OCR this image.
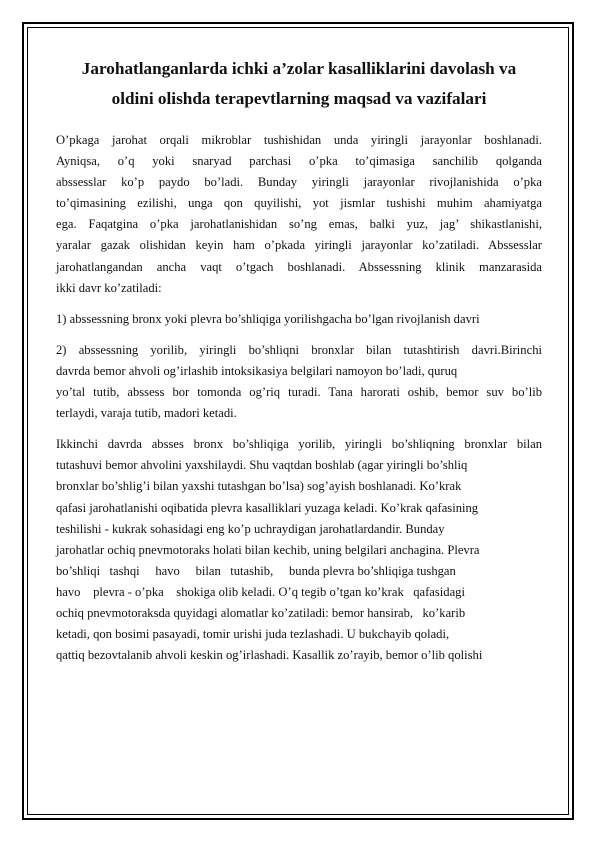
Jarohatlanganlarda ichki a’zolar kasalliklarini davolash va
oldini olishda terapevtlarning maqsad va vazifalari
O’pkaga jarohat orqali mikroblar tushishidan unda yiringli jarayonlar boshlanadi.
Ayniqsa, o’q yoki snaryad parchasi o’pka to’qimasiga sanchilib qolganda
abssesslar ko’p paydo bo’ladi. Bunday yiringli jarayonlar rivojlanishida o’pka
to’qimasining ezilishi, unga qon quyilishi, yot jismlar tushishi muhim ahamiyatga
ega. Faqatgina o’pka jarohatlanishidan so’ng emas, balki yuz, jag’ shikastlanishi,
yaralar gazak olishidan keyin ham o’pkada yiringli jarayonlar ko’zatiladi. Abssesslar
jarohatlangandan ancha vaqt o’tgach boshlanadi. Abssessning klinik manzarasida
ikki davr ko’zatiladi:
1) abssessning bronx yoki plevra bo’shliqiga yorilishgacha bo’lgan rivojlanish davri
2) abssessning yorilib, yiringli bo’shliqni bronxlar bilan tutashtirish davri.Birinchi
davrda bemor ahvoli og’irlashib intoksikasiya belgilari namoyon bo’ladi, quruq
yo’tal tutib, abssess bor tomonda og’riq turadi. Tana harorati oshib, bemor suv bo’lib
terlaydi, varaja tutib, madori ketadi.
Ikkinchi davrda absses bronx bo’shliqiga yorilib, yiringli bo’shliqning bronxlar bilan
tutashuvi bemor ahvolini yaxshilaydi. Shu vaqtdan boshlab (agar yiringli bo’shliq
bronxlar bo’shlig’i bilan yaxshi tutashgan bo’lsa) sog’ayish boshlanadi. Ko’krak
qafasi jarohatlanishi oqibatida plevra kasalliklari yuzaga keladi. Ko’krak qafasining
teshilishi - kukrak sohasidagi eng ko’p uchraydigan jarohatlardandir. Bunday
jarohatlar ochiq pnevmotoraks holati bilan kechib, uning belgilari anchagina. Plevra
bo’shliqi   tashqi     havo     bilan   tutashib,     bunda plevra bo’shliqiga tushgan
havo    plevra - o’pka    shokiga olib keladi. O’q tegib o’tgan ko’krak   qafasidagi
ochiq pnevmotoraksda quyidagi alomatlar ko’zatiladi: bemor hansirab,   ko’karib
ketadi, qon bosimi pasayadi, tomir urishi juda tezlashadi. U bukchayib qoladi,
qattiq bezovtalanib ahvoli keskin og’irlashadi. Kasallik zo’rayib, bemor o’lib qolishi
